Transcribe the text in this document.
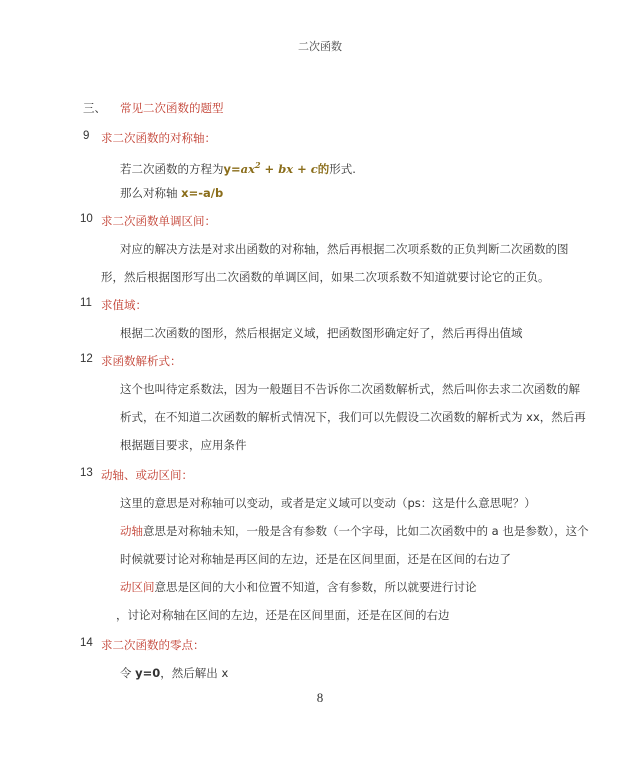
二次函数
三、 常见二次函数的题型
9 求二次函数的对称轴：
若二次函数的方程为$y=ax^2$ + bx + c的形式.
那么对称轴 x=-a/b
10 求二次函数单调区间：
对应的解决方法是对求出函数的对称轴，然后再根据二次项系数的正负判断二次函数的图
形，然后根据图形写出二次函数的单调区间，如果二次项系数不知道就要讨论它的正负。
11 求值域：
根据二次函数的图形，然后根据定义域，把函数图形确定好了，然后再得出值域
12 求函数解析式：
这个也叫待定系数法，因为一般题目不告诉你二次函数解析式，然后叫你去求二次函数的解
析式，在不知道二次函数的解析式情况下，我们可以先假设二次函数的解析式为 xx，然后再
根据题目要求，应用条件
13 动轴、或动区间：
这里的意思是对称轴可以变动，或者是定义域可以变动（ps：这是什么意思呢？）
动轴意思是对称轴未知，一般是含有参数（一个字母，比如二次函数中的 a 也是参数），这个
时候就要讨论对称轴是再区间的左边，还是在区间里面，还是在区间的右边了
动区间意思是区间的大小和位置不知道，含有参数，所以就要进行讨论
，讨论对称轴在区间的左边，还是在区间里面，还是在区间的右边
14 求二次函数的零点：
令 y=0，然后解出 x
8
